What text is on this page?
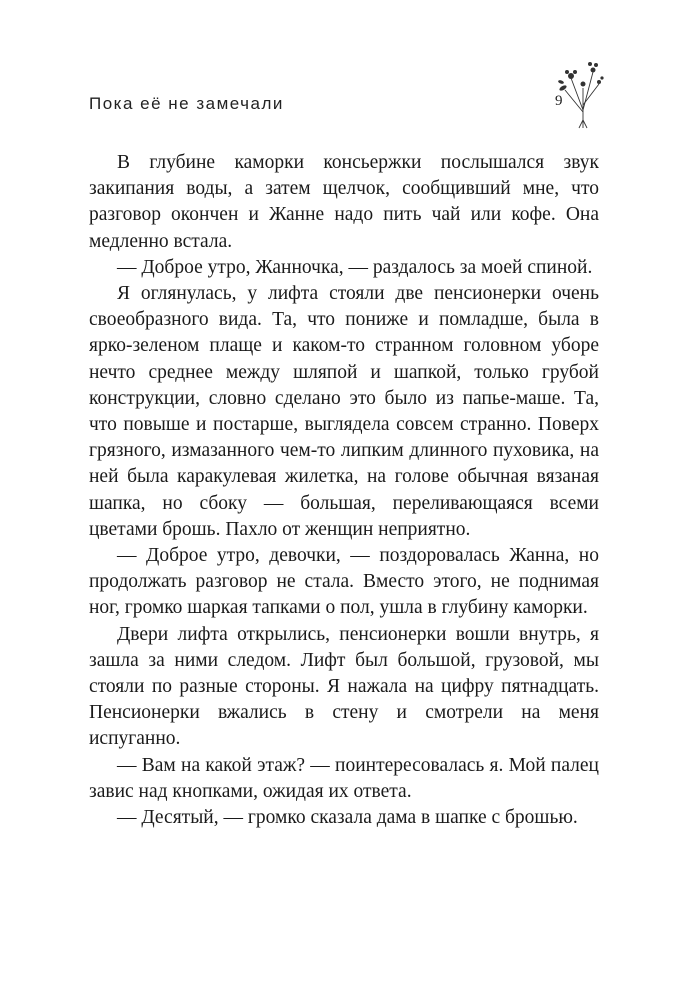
Пока её не замечали	9

В глубине каморки консьержки послышался звук закипания воды, а затем щелчок, сообщивший мне, что разговор окончен и Жанне надо пить чай или кофе. Она медленно встала.

— Доброе утро, Жанночка, — раздалось за моей спиной.

Я оглянулась, у лифта стояли две пенсионерки очень своеобразного вида. Та, что пониже и помладше, была в ярко-зеленом плаще и каком-то странном головном уборе нечто среднее между шляпой и шапкой, только грубой конструкции, словно сделано это было из папье-маше. Та, что повыше и постарше, выглядела совсем странно. Поверх грязного, измазанного чем-то липким длинного пуховика, на ней была каракулевая жилетка, на голове обычная вязаная шапка, но сбоку — большая, переливающаяся всеми цветами брошь. Пахло от женщин неприятно.

— Доброе утро, девочки, — поздоровалась Жанна, но продолжать разговор не стала. Вместо этого, не поднимая ног, громко шаркая тапками о пол, ушла в глубину каморки.

Двери лифта открылись, пенсионерки вошли внутрь, я зашла за ними следом. Лифт был большой, грузовой, мы стояли по разные стороны. Я нажала на цифру пятнадцать. Пенсионерки вжались в стену и смотрели на меня испуганно.

— Вам на какой этаж? — поинтересовалась я. Мой палец завис над кнопками, ожидая их ответа.

— Десятый, — громко сказала дама в шапке с брошью.
